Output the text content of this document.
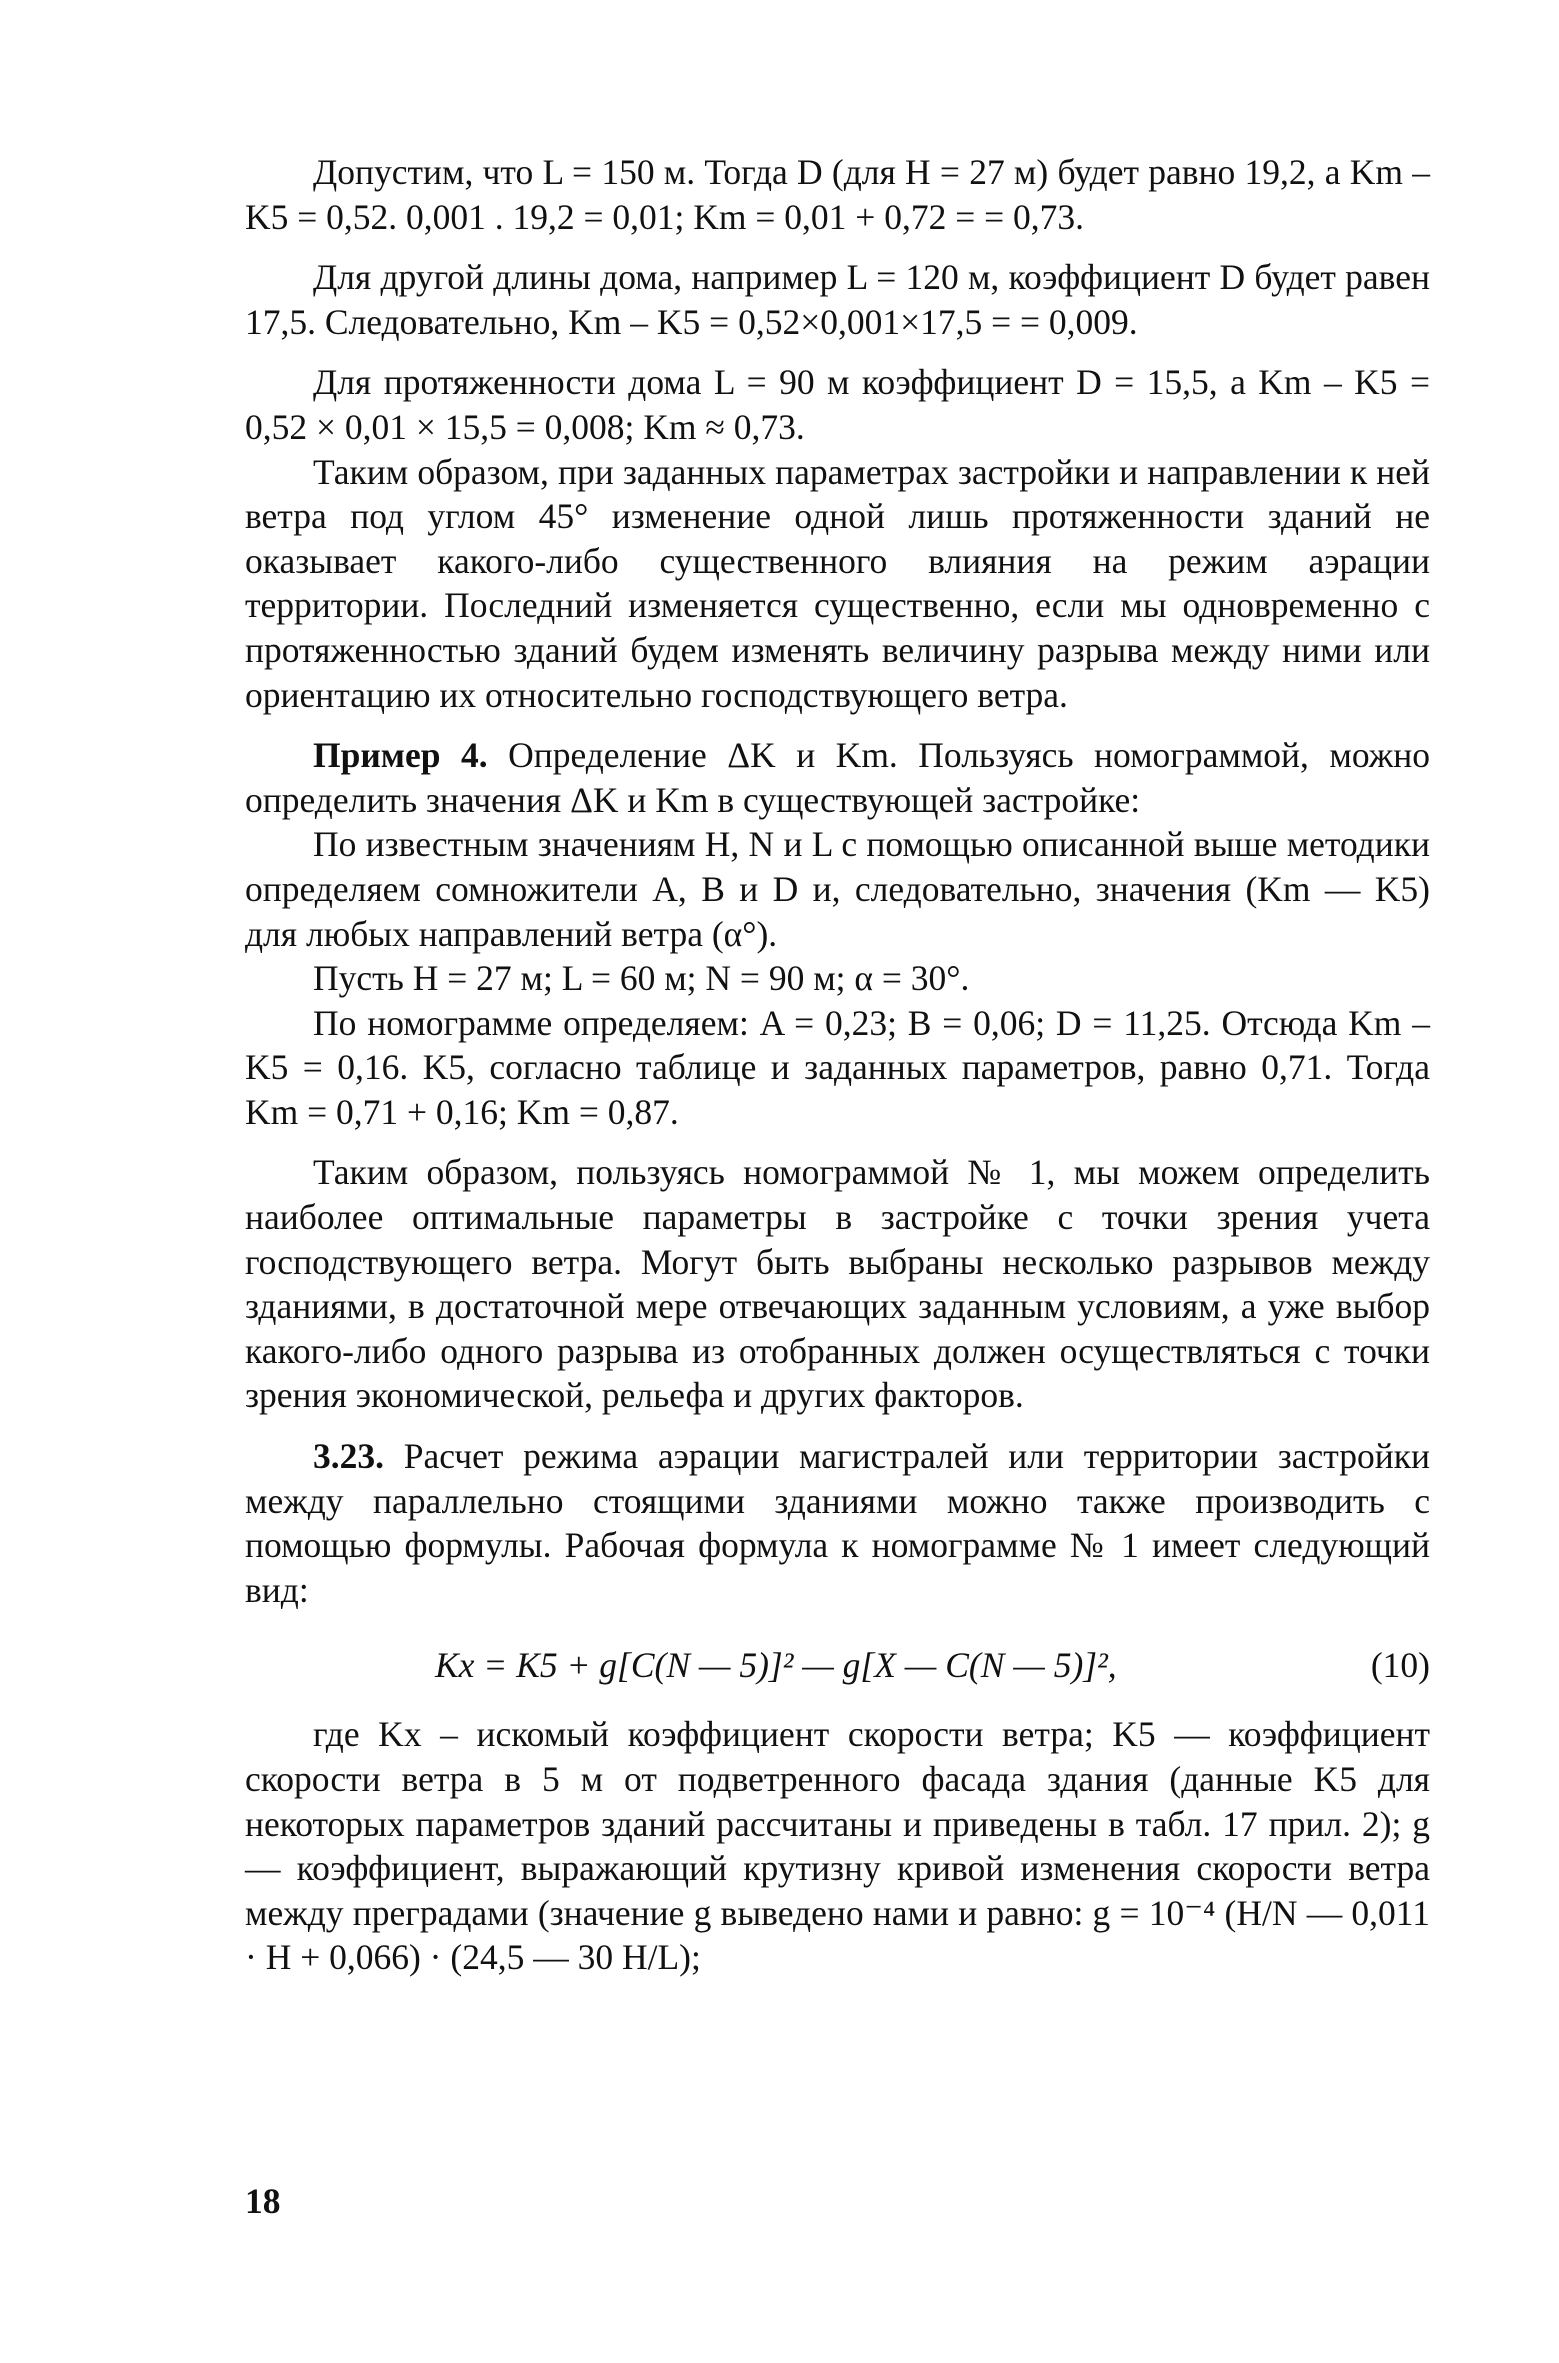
Допустим, что L = 150 м. Тогда D (для H = 27 м) будет равно 19,2, а Km – K5 = 0,52. 0,001 . 19,2 = 0,01; Km = 0,01 + 0,72 = = 0,73.

Для другой длины дома, например L = 120 м, коэффициент D будет равен 17,5. Следовательно, Km – K5 = 0,52×0,001×17,5 = = 0,009.

Для протяженности дома L = 90 м коэффициент D = 15,5, а Km – K5 = 0,52 × 0,01 × 15,5 = 0,008; Km ≈ 0,73.

Таким образом, при заданных параметрах застройки и направлении к ней ветра под углом 45° изменение одной лишь протяженности зданий не оказывает какого-либо существенного влияния на режим аэрации территории. Последний изменяется существенно, если мы одновременно с протяженностью зданий будем изменять величину разрыва между ними или ориентацию их относительно господствующего ветра.

Пример 4. Определение ΔK и Km. Пользуясь номограммой, можно определить значения ΔK и Km в существующей застройке:

По известным значениям H, N и L с помощью описанной выше методики определяем сомножители A, B и D и, следовательно, значения (Km — K5) для любых направлений ветра (α°).

Пусть H = 27 м; L = 60 м; N = 90 м; α = 30°.

По номограмме определяем: A = 0,23; B = 0,06; D = 11,25. Отсюда Km – K5 = 0,16. K5, согласно таблице и заданных параметров, равно 0,71. Тогда Km = 0,71 + 0,16; Km = 0,87.

Таким образом, пользуясь номограммой № 1, мы можем определить наиболее оптимальные параметры в застройке с точки зрения учета господствующего ветра. Могут быть выбраны несколько разрывов между зданиями, в достаточной мере отвечающих заданным условиям, а уже выбор какого-либо одного разрыва из отобранных должен осуществляться с точки зрения экономической, рельефа и других факторов.

3.23. Расчет режима аэрации магистралей или территории застройки между параллельно стоящими зданиями можно также производить с помощью формулы. Рабочая формула к номограмме № 1 имеет следующий вид:

Kx = K5 + g[C(N — 5)]² — g[X — C(N — 5)]²,	(10)

где Kx – искомый коэффициент скорости ветра; K5 — коэффициент скорости ветра в 5 м от подветренного фасада здания (данные K5 для некоторых параметров зданий рассчитаны и приведены в табл. 17 прил. 2); g — коэффициент, выражающий крутизну кривой изменения скорости ветра между преградами (значение g выведено нами и равно: g = 10⁻⁴ (H/N — 0,011 · H + 0,066) · (24,5 — 30 H/L);

18
